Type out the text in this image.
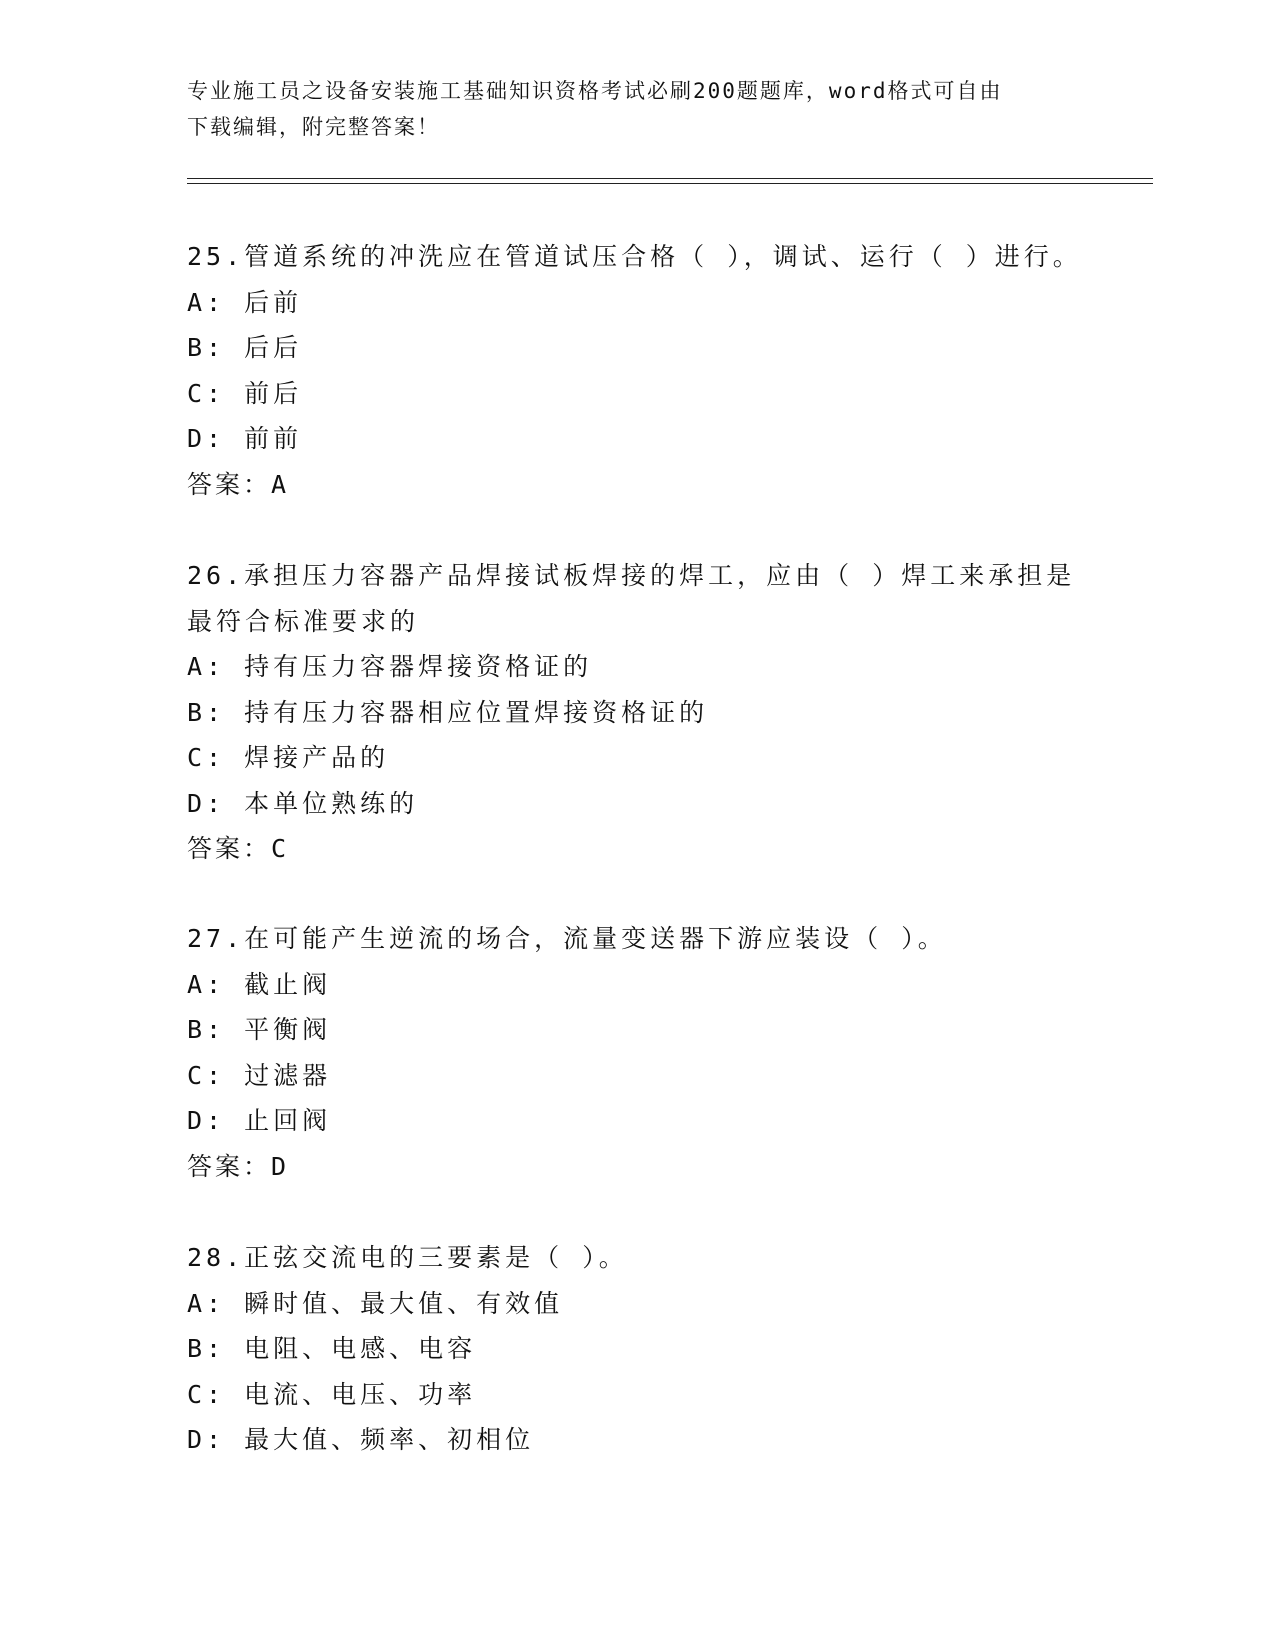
专业施工员之设备安装施工基础知识资格考试必刷200题题库，word格式可自由
下载编辑，附完整答案！

25.管道系统的冲洗应在管道试压合格（ ），调试、运行（ ）进行。

A: 后前

B: 后后

C: 前后

D: 前前

答案：A

26.承担压力容器产品焊接试板焊接的焊工，应由（ ）焊工来承担是最符合标准要求的

A: 持有压力容器焊接资格证的

B: 持有压力容器相应位置焊接资格证的

C: 焊接产品的

D: 本单位熟练的

答案：C

27.在可能产生逆流的场合，流量变送器下游应装设（ ）。

A: 截止阀

B: 平衡阀

C: 过滤器

D: 止回阀

答案：D

28.正弦交流电的三要素是（ ）。

A: 瞬时值、最大值、有效值

B: 电阻、电感、电容

C: 电流、电压、功率

D: 最大值、频率、初相位
